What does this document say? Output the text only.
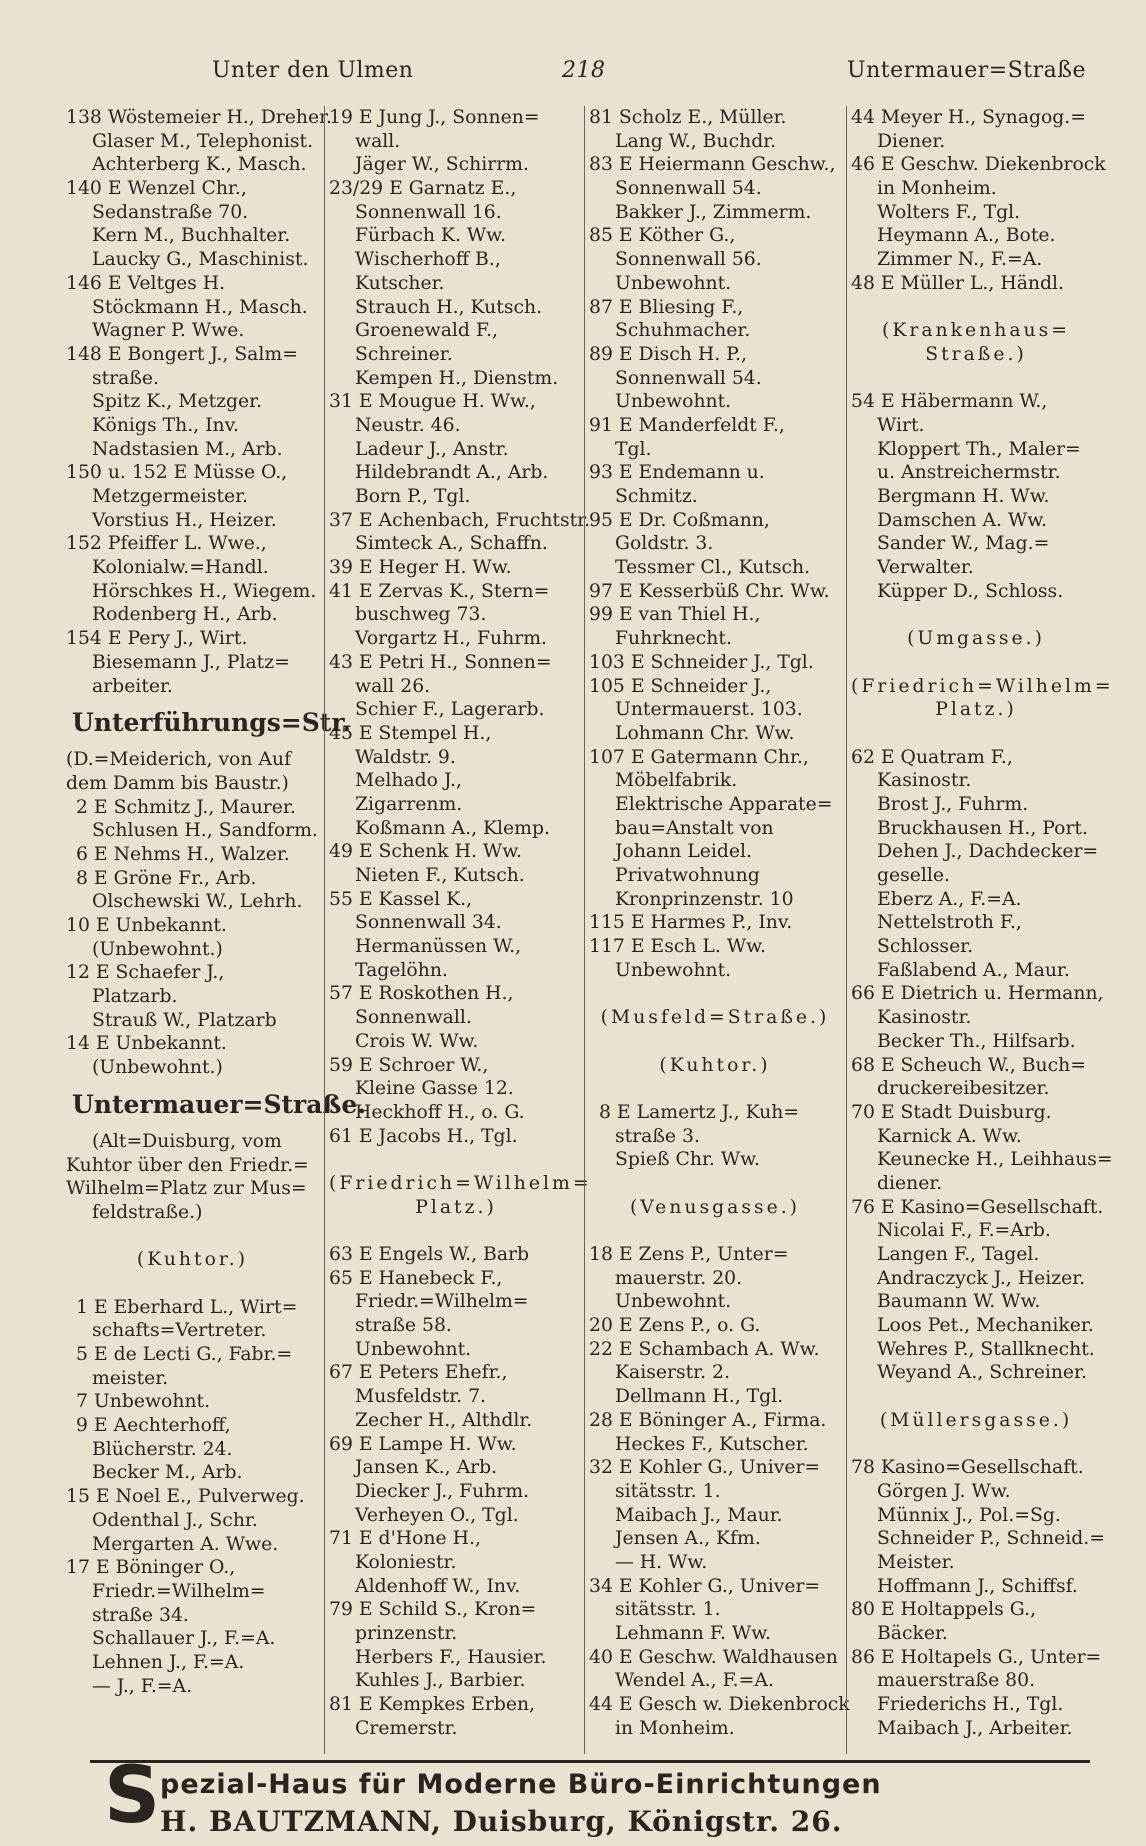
Unter den Ulmen	218	Untermauer=Straße
138 Wöstemeier H., Dreher.
Glaser M., Telephonist.
Achterberg K., Masch.
140 E Wenzel Chr.,
Sedanstraße 70.
Kern M., Buchhalter.
Laucky G., Maschinist.
146 E Veltges H.
Stöckmann H., Masch.
Wagner P. Wwe.
148 E Bongert J., Salm=
straße.
Spitz K., Metzger.
Königs Th., Inv.
Nadstasien M., Arb.
150 u. 152 E Müsse O.,
Metzgermeister.
Vorstius H., Heizer.
152 Pfeiffer L. Wwe.,
Kolonialw.=Handl.
Hörschkes H., Wiegem.
Rodenberg H., Arb.
154 E Pery J., Wirt.
Biesemann J., Platz=
arbeiter.
Unterführungs=Str.
(D.=Meiderich, von Auf
dem Damm bis Baustr.)
2 E Schmitz J., Maurer.
Schlusen H., Sandform.
6 E Nehms H., Walzer.
8 E Gröne Fr., Arb.
Olschewski W., Lehrh.
10 E Unbekannt.
(Unbewohnt.)
12 E Schaefer J.,
Platzarb.
Strauß W., Platzarb
14 E Unbekannt.
(Unbewohnt.)
Untermauer=Straße.
(Alt=Duisburg, vom
Kuhtor über den Friedr.=
Wilhelm=Platz zur Mus=
feldstraße.)
(Kuhtor.)
1 E Eberhard L., Wirt=
schafts=Vertreter.
5 E de Lecti G., Fabr.=
meister.
7 Unbewohnt.
9 E Aechterhoff,
Blücherstr. 24.
Becker M., Arb.
15 E Noel E., Pulverweg.
Odenthal J., Schr.
Mergarten A. Wwe.
17 E Böninger O.,
Friedr.=Wilhelm=
straße 34.
Schallauer J., F.=A.
Lehnen J., F.=A.
— J., F.=A.
19 E Jung J., Sonnen=
wall.
Jäger W., Schirrm.
23/29 E Garnatz E.,
Sonnenwall 16.
Fürbach K. Ww.
Wischerhoff B.,
Kutscher.
Strauch H., Kutsch.
Groenewald F.,
Schreiner.
Kempen H., Dienstm.
31 E Mougue H. Ww.,
Neustr. 46.
Ladeur J., Anstr.
Hildebrandt A., Arb.
Born P., Tgl.
37 E Achenbach, Fruchtstr.
Simteck A., Schaffn.
39 E Heger H. Ww.
41 E Zervas K., Stern=
buschweg 73.
Vorgartz H., Fuhrm.
43 E Petri H., Sonnen=
wall 26.
Schier F., Lagerarb.
45 E Stempel H.,
Waldstr. 9.
Melhado J.,
Zigarrenm.
Koßmann A., Klemp.
49 E Schenk H. Ww.
Nieten F., Kutsch.
55 E Kassel K.,
Sonnenwall 34.
Hermanüssen W.,
Tagelöhn.
57 E Roskothen H.,
Sonnenwall.
Crois W. Ww.
59 E Schroer W.,
Kleine Gasse 12.
Heckhoff H., o. G.
61 E Jacobs H., Tgl.
(Friedrich=Wilhelm=
Platz.)
63 E Engels W., Barb
65 E Hanebeck F.,
Friedr.=Wilhelm=
straße 58.
Unbewohnt.
67 E Peters Ehefr.,
Musfeldstr. 7.
Zecher H., Althdlr.
69 E Lampe H. Ww.
Jansen K., Arb.
Diecker J., Fuhrm.
Verheyen O., Tgl.
71 E d'Hone H.,
Koloniestr.
Aldenhoff W., Inv.
79 E Schild S., Kron=
prinzenstr.
Herbers F., Hausier.
Kuhles J., Barbier.
81 E Kempkes Erben,
Cremerstr.
81 Scholz E., Müller.
Lang W., Buchdr.
83 E Heiermann Geschw.,
Sonnenwall 54.
Bakker J., Zimmerm.
85 E Köther G.,
Sonnenwall 56.
Unbewohnt.
87 E Bliesing F.,
Schuhmacher.
89 E Disch H. P.,
Sonnenwall 54.
Unbewohnt.
91 E Manderfeldt F.,
Tgl.
93 E Endemann u.
Schmitz.
95 E Dr. Coßmann,
Goldstr. 3.
Tessmer Cl., Kutsch.
97 E Kesserbüß Chr. Ww.
99 E van Thiel H.,
Fuhrknecht.
103 E Schneider J., Tgl.
105 E Schneider J.,
Untermauerst. 103.
Lohmann Chr. Ww.
107 E Gatermann Chr.,
Möbelfabrik.
Elektrische Apparate=
bau=Anstalt von
Johann Leidel.
Privatwohnung
Kronprinzenstr. 10
115 E Harmes P., Inv.
117 E Esch L. Ww.
Unbewohnt.
(Musfeld=Straße.)
(Kuhtor.)
8 E Lamertz J., Kuh=
straße 3.
Spieß Chr. Ww.
(Venusgasse.)
18 E Zens P., Unter=
mauerstr. 20.
Unbewohnt.
20 E Zens P., o. G.
22 E Schambach A. Ww.
Kaiserstr. 2.
Dellmann H., Tgl.
28 E Böninger A., Firma.
Heckes F., Kutscher.
32 E Kohler G., Univer=
sitätsstr. 1.
Maibach J., Maur.
Jensen A., Kfm.
— H. Ww.
34 E Kohler G., Univer=
sitätsstr. 1.
Lehmann F. Ww.
40 E Geschw. Waldhausen
Wendel A., F.=A.
44 E Gesch w. Diekenbrock
in Monheim.
44 Meyer H., Synagog.=
Diener.
46 E Geschw. Diekenbrock
in Monheim.
Wolters F., Tgl.
Heymann A., Bote.
Zimmer N., F.=A.
48 E Müller L., Händl.
(Krankenhaus=
Straße.)
54 E Häbermann W.,
Wirt.
Kloppert Th., Maler=
u. Anstreichermstr.
Bergmann H. Ww.
Damschen A. Ww.
Sander W., Mag.=
Verwalter.
Küpper D., Schloss.
(Umgasse.)
(Friedrich=Wilhelm=
Platz.)
62 E Quatram F.,
Kasinostr.
Brost J., Fuhrm.
Bruckhausen H., Port.
Dehen J., Dachdecker=
geselle.
Eberz A., F.=A.
Nettelstroth F.,
Schlosser.
Faßlabend A., Maur.
66 E Dietrich u. Hermann,
Kasinostr.
Becker Th., Hilfsarb.
68 E Scheuch W., Buch=
druckereibesitzer.
70 E Stadt Duisburg.
Karnick A. Ww.
Keunecke H., Leihhaus=
diener.
76 E Kasino=Gesellschaft.
Nicolai F., F.=Arb.
Langen F., Tagel.
Andraczyck J., Heizer.
Baumann W. Ww.
Loos Pet., Mechaniker.
Wehres P., Stallknecht.
Weyand A., Schreiner.
(Müllersgasse.)
78 Kasino=Gesellschaft.
Görgen J. Ww.
Münnix J., Pol.=Sg.
Schneider P., Schneid.=
Meister.
Hoffmann J., Schiffsf.
80 E Holtappels G.,
Bäcker.
86 E Holtapels G., Unter=
mauerstraße 80.
Friederichs H., Tgl.
Maibach J., Arbeiter.
S pezial-Haus für Moderne Büro-Einrichtungen
H. BAUTZMANN, Duisburg, Königstr. 26.
